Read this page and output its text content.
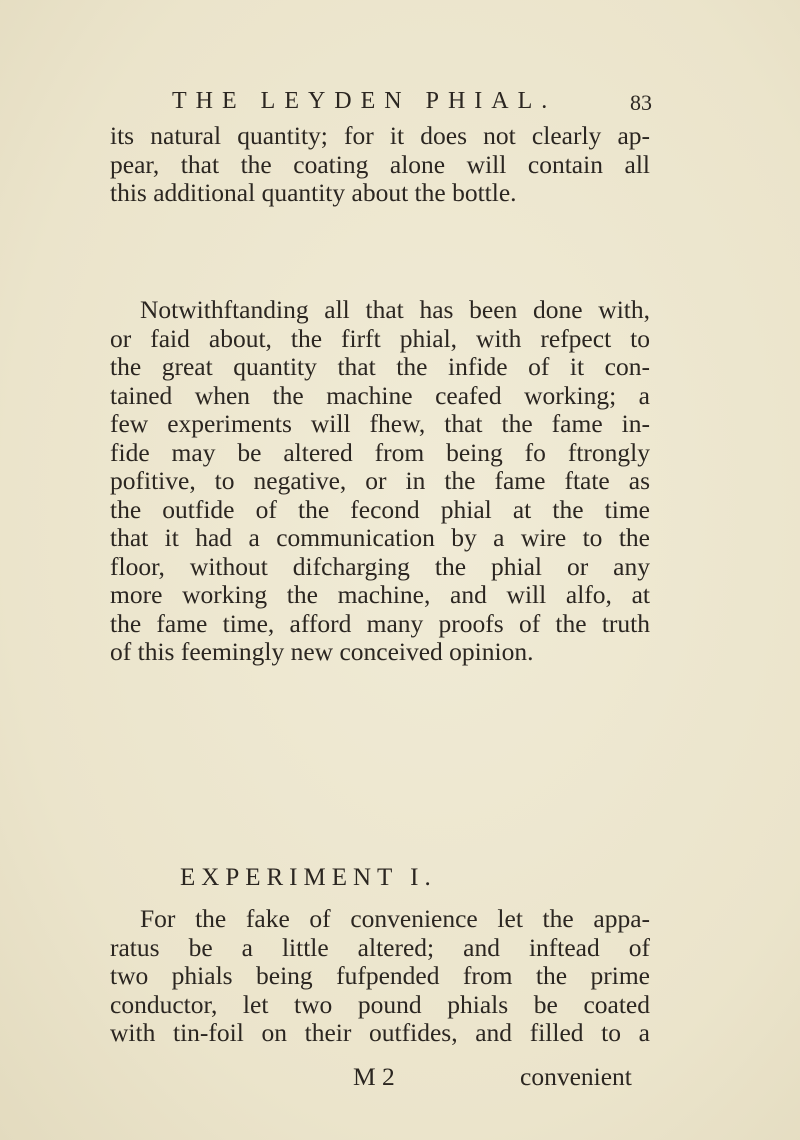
THE LEYDEN PHIAL.	83
its natural quantity; for it does not clearly ap-
pear, that the coating alone will contain all
this additional quantity about the bottle.
Notwithftanding all that has been done with,
or faid about, the firft phial, with refpect to
the great quantity that the infide of it con-
tained when the machine ceafed working; a
few experiments will fhew, that the fame in-
fide may be altered from being fo ftrongly
pofitive, to negative, or in the fame ftate as
the outfide of the fecond phial at the time
that it had a communication by a wire to the
floor, without difcharging the phial or any
more working the machine, and will alfo, at
the fame time, afford many proofs of the truth
of this feemingly new conceived opinion.
EXPERIMENT I.
For the fake of convenience let the appa-
ratus be a little altered; and inftead of
two phials being fufpended from the prime
conductor, let two pound phials be coated
with tin-foil on their outfides, and filled to a
M 2	convenient
